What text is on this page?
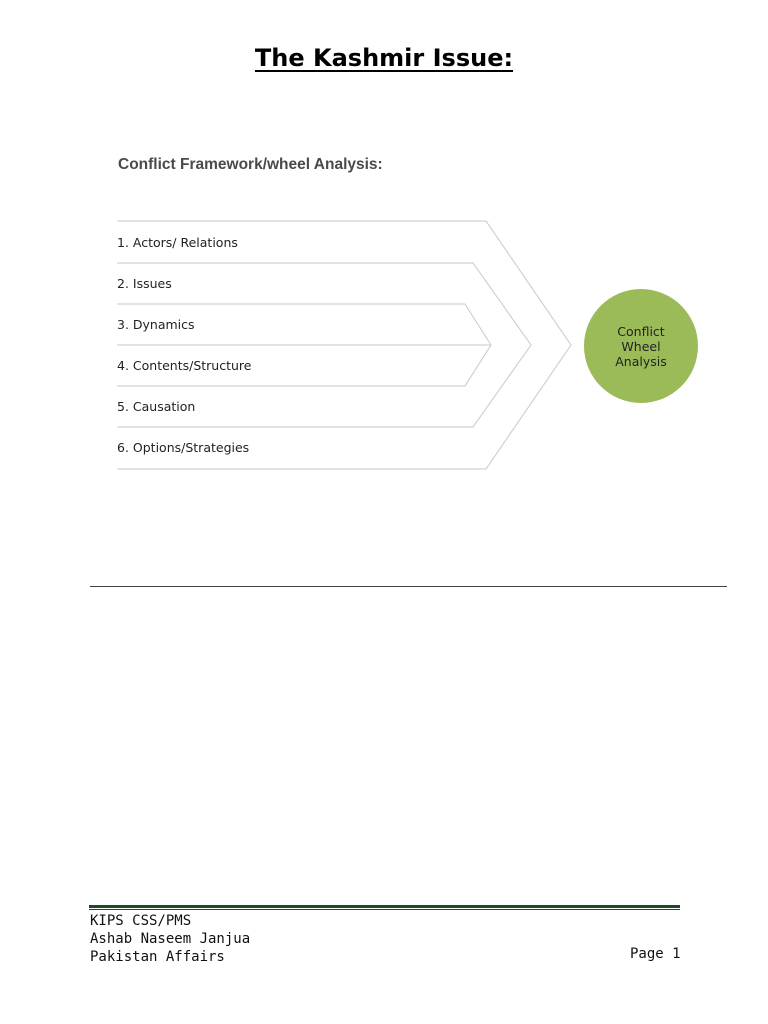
The Kashmir Issue:
Conflict Framework/wheel Analysis:
1. Actors/ Relations
2. Issues
3. Dynamics
4. Contents/Structure
5. Causation
6. Options/Strategies
Conflict
Wheel
Analysis
KIPS CSS/PMS
Ashab Naseem Janjua
Pakistan Affairs	Page 1
